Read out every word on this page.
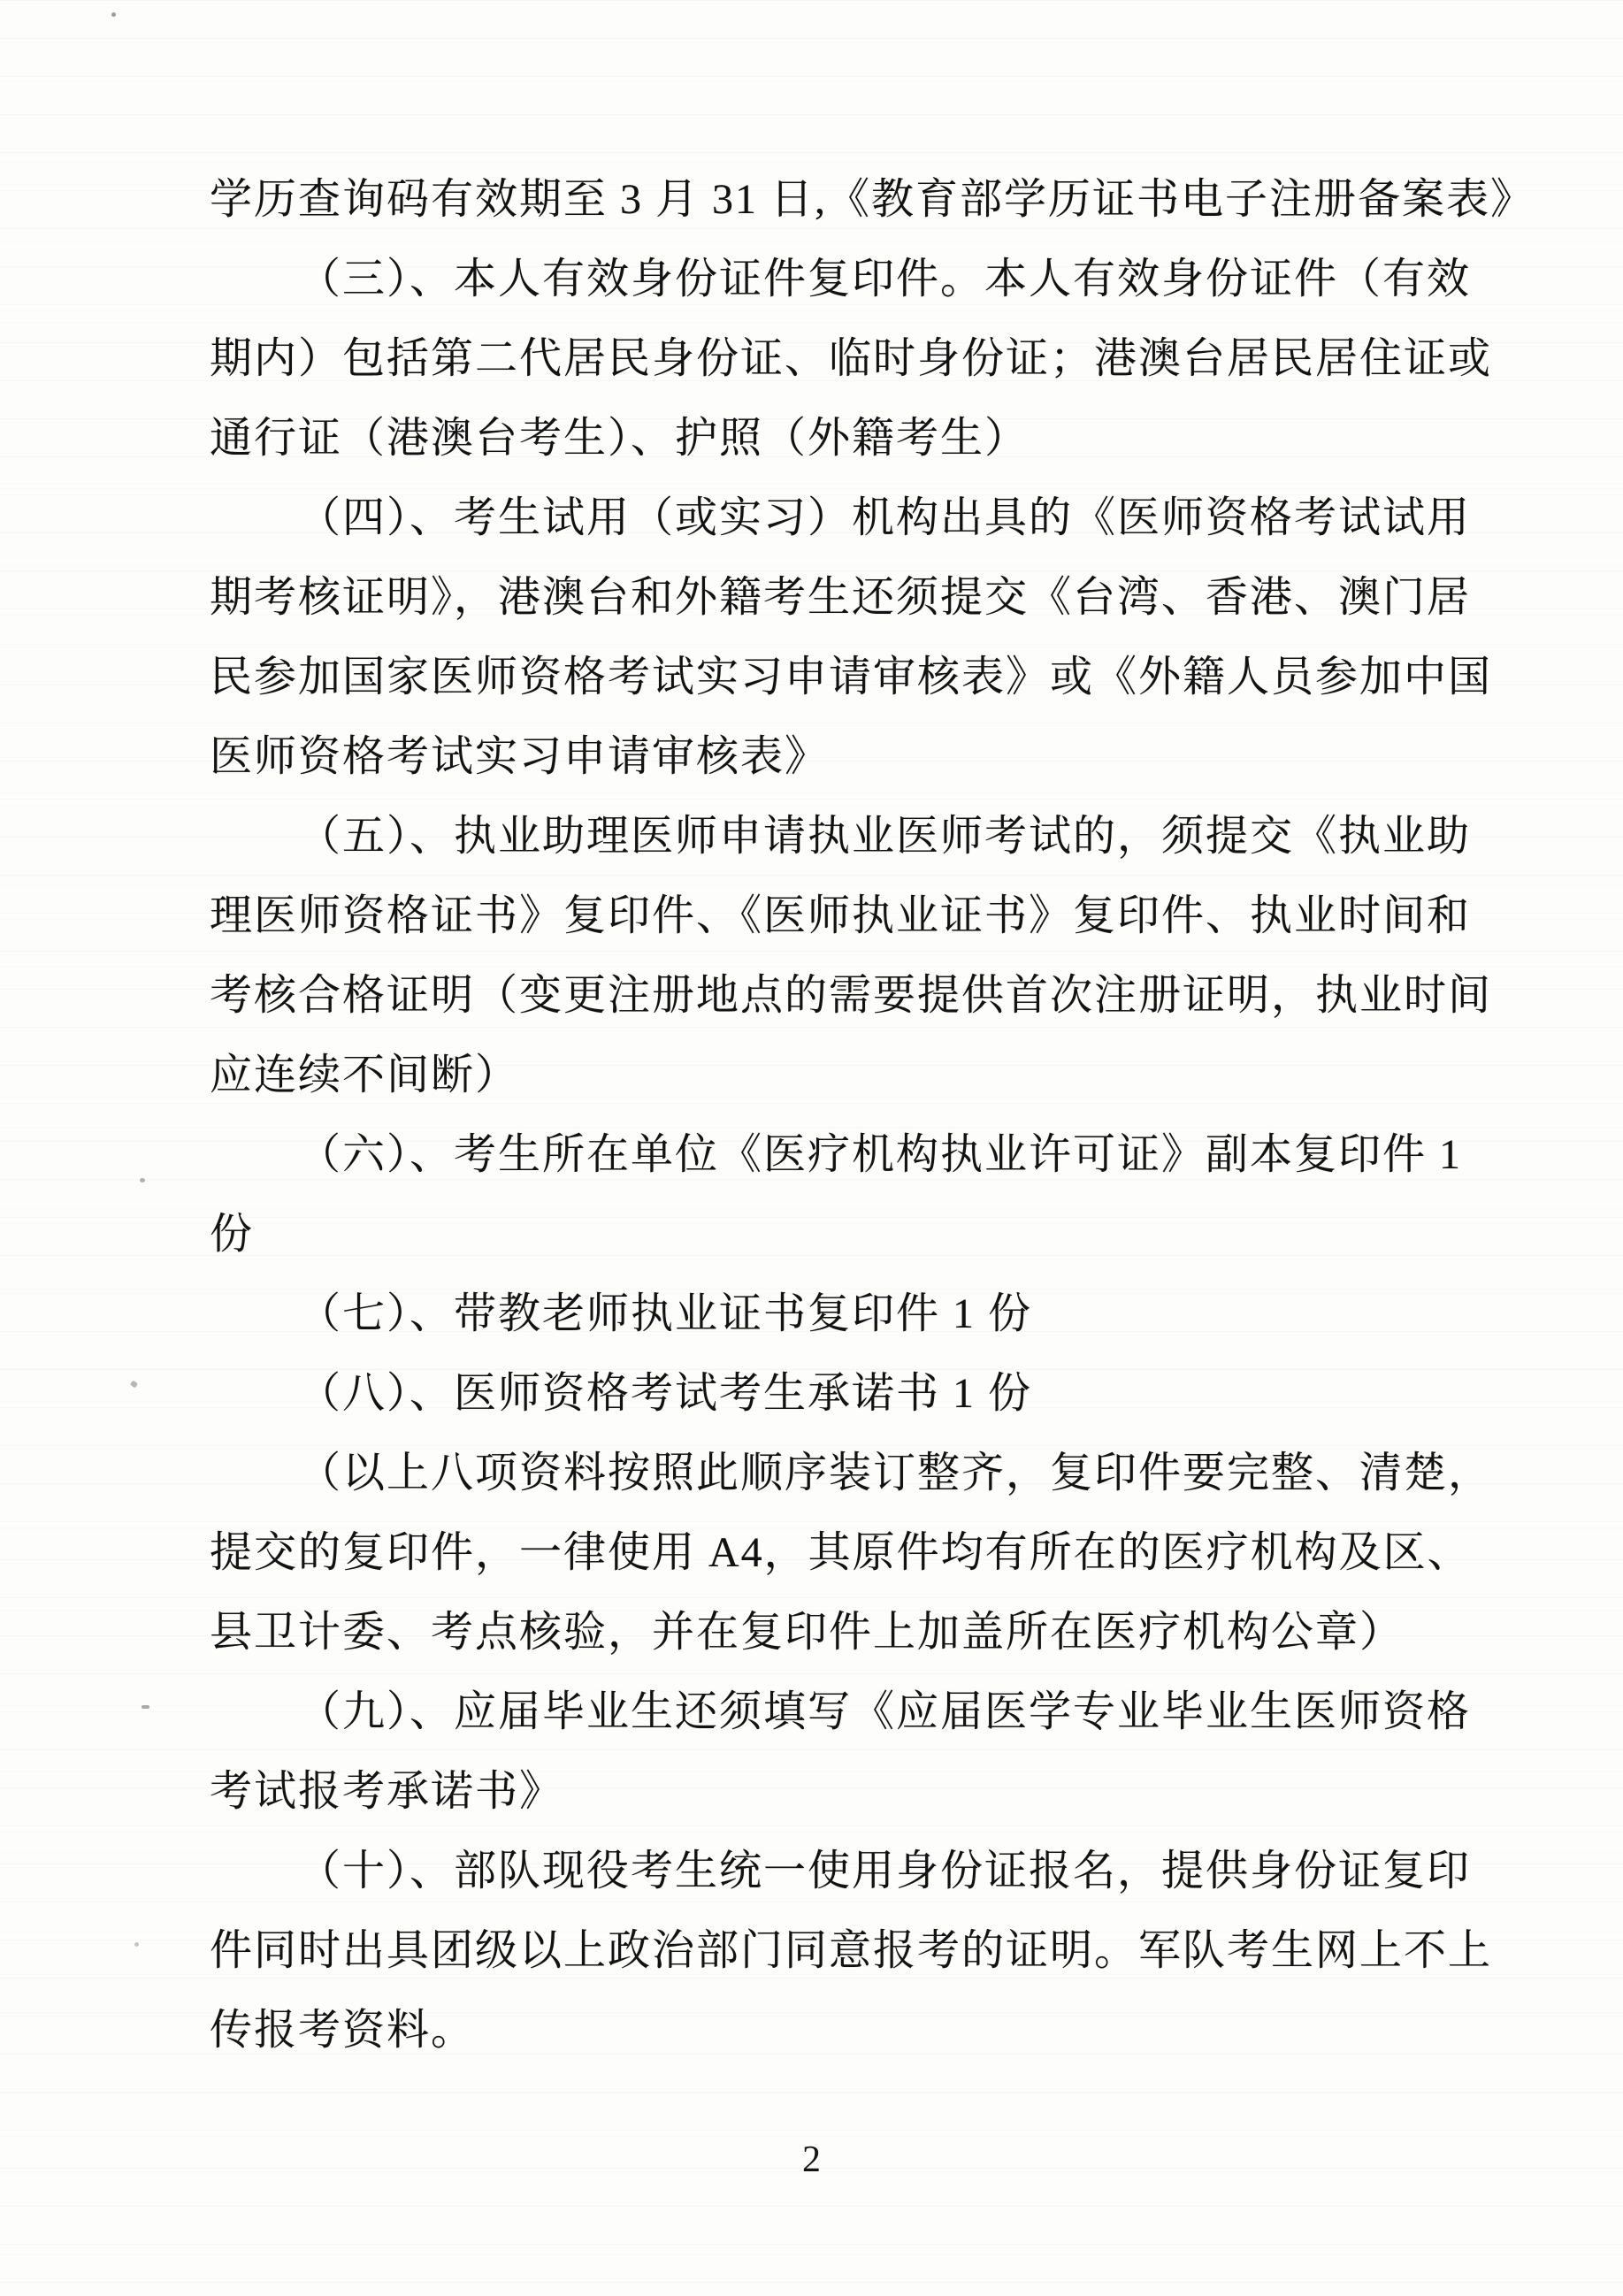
学历查询码有效期至 3 月 31 日,《教育部学历证书电子注册备案表》
（三）、本人有效身份证件复印件。本人有效身份证件（有效
期内）包括第二代居民身份证、临时身份证；港澳台居民居住证或
通行证（港澳台考生）、护照（外籍考生）
（四）、考生试用（或实习）机构出具的《医师资格考试试用
期考核证明》，港澳台和外籍考生还须提交《台湾、香港、澳门居
民参加国家医师资格考试实习申请审核表》或《外籍人员参加中国
医师资格考试实习申请审核表》
（五）、执业助理医师申请执业医师考试的，须提交《执业助
理医师资格证书》复印件、《医师执业证书》复印件、执业时间和
考核合格证明（变更注册地点的需要提供首次注册证明，执业时间
应连续不间断）
（六）、考生所在单位《医疗机构执业许可证》副本复印件 1
份
（七）、带教老师执业证书复印件 1 份
（八）、医师资格考试考生承诺书 1 份
（以上八项资料按照此顺序装订整齐，复印件要完整、清楚，
提交的复印件，一律使用 A4，其原件均有所在的医疗机构及区、
县卫计委、考点核验，并在复印件上加盖所在医疗机构公章）
（九）、应届毕业生还须填写《应届医学专业毕业生医师资格
考试报考承诺书》
（十）、部队现役考生统一使用身份证报名，提供身份证复印
件同时出具团级以上政治部门同意报考的证明。军队考生网上不上
传报考资料。
2
